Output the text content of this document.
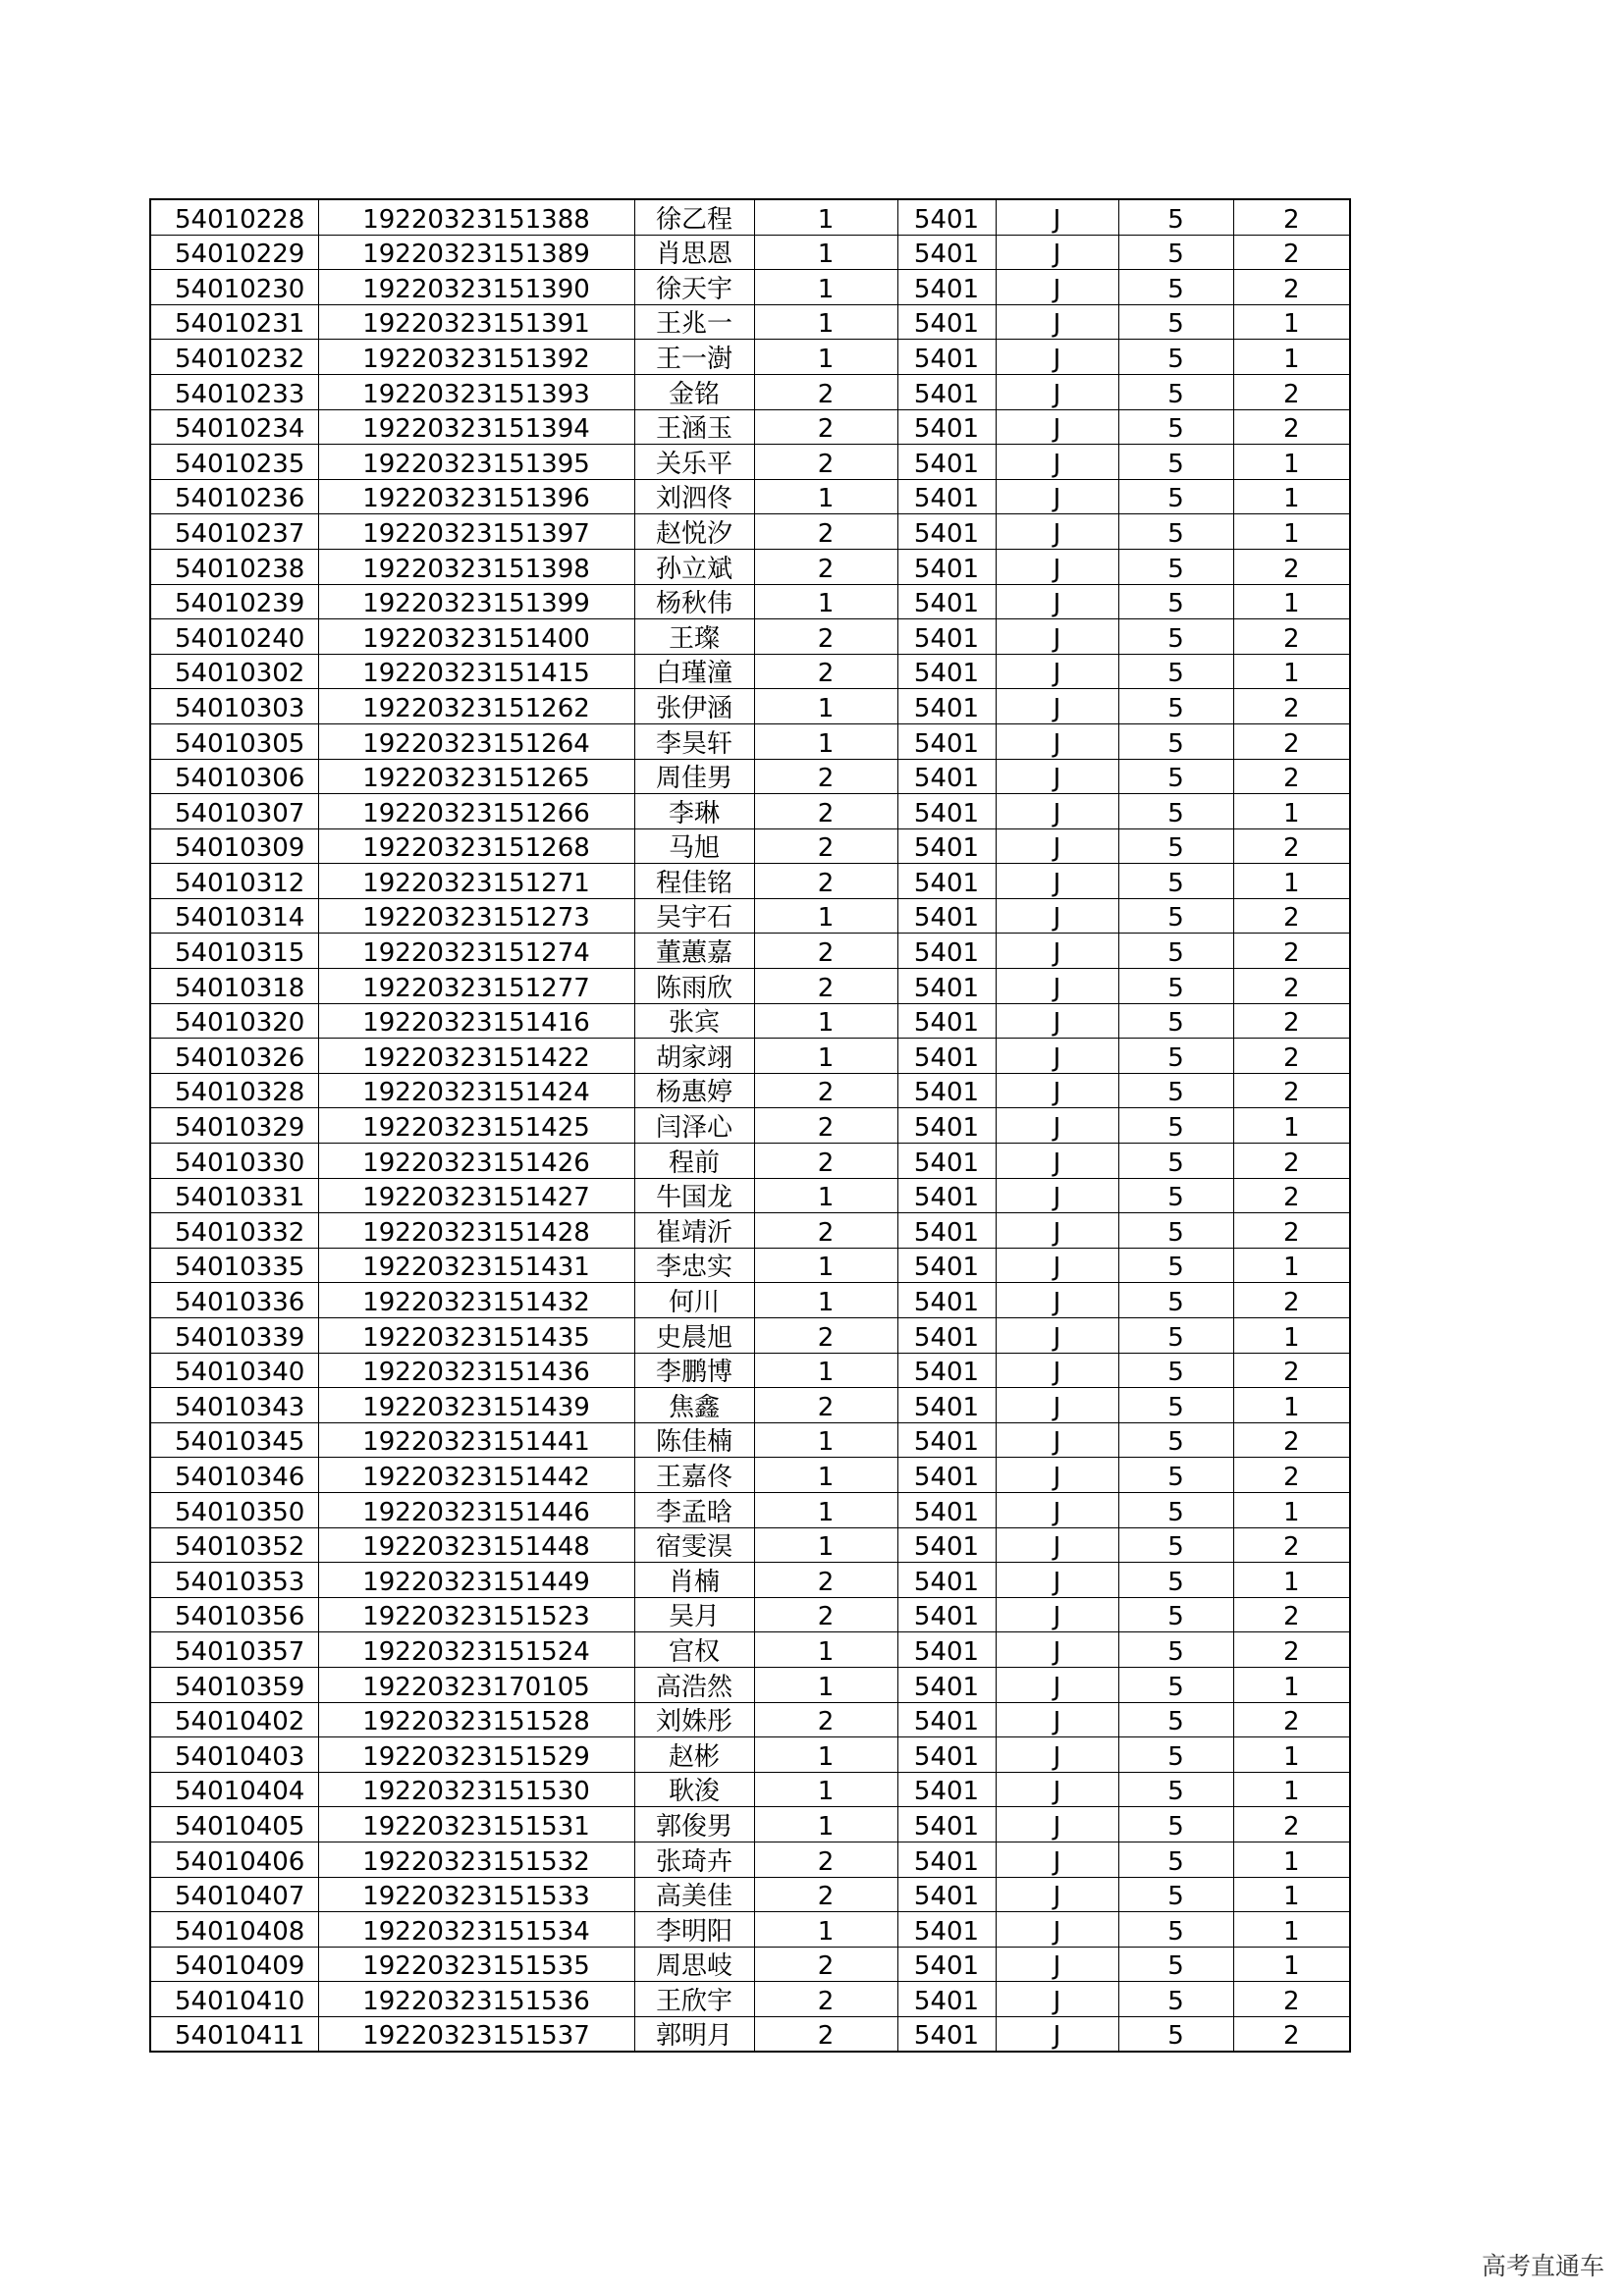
54010228	19220323151388	徐乙程	1	5401	J	5	2
54010229	19220323151389	肖思恩	1	5401	J	5	2
54010230	19220323151390	徐天宇	1	5401	J	5	2
54010231	19220323151391	王兆一	1	5401	J	5	1
54010232	19220323151392	王一澍	1	5401	J	5	1
54010233	19220323151393	金铭	2	5401	J	5	2
54010234	19220323151394	王涵玉	2	5401	J	5	2
54010235	19220323151395	关乐平	2	5401	J	5	1
54010236	19220323151396	刘泗佟	1	5401	J	5	1
54010237	19220323151397	赵悦汐	2	5401	J	5	1
54010238	19220323151398	孙立斌	2	5401	J	5	2
54010239	19220323151399	杨秋伟	1	5401	J	5	1
54010240	19220323151400	王璨	2	5401	J	5	2
54010302	19220323151415	白瑾潼	2	5401	J	5	1
54010303	19220323151262	张伊涵	1	5401	J	5	2
54010305	19220323151264	李昊轩	1	5401	J	5	2
54010306	19220323151265	周佳男	2	5401	J	5	2
54010307	19220323151266	李琳	2	5401	J	5	1
54010309	19220323151268	马旭	2	5401	J	5	2
54010312	19220323151271	程佳铭	2	5401	J	5	1
54010314	19220323151273	吴宇石	1	5401	J	5	2
54010315	19220323151274	董蕙嘉	2	5401	J	5	2
54010318	19220323151277	陈雨欣	2	5401	J	5	2
54010320	19220323151416	张宾	1	5401	J	5	2
54010326	19220323151422	胡家翊	1	5401	J	5	2
54010328	19220323151424	杨惠婷	2	5401	J	5	2
54010329	19220323151425	闫泽心	2	5401	J	5	1
54010330	19220323151426	程前	2	5401	J	5	2
54010331	19220323151427	牛国龙	1	5401	J	5	2
54010332	19220323151428	崔靖沂	2	5401	J	5	2
54010335	19220323151431	李忠实	1	5401	J	5	1
54010336	19220323151432	何川	1	5401	J	5	2
54010339	19220323151435	史晨旭	2	5401	J	5	1
54010340	19220323151436	李鹏博	1	5401	J	5	2
54010343	19220323151439	焦鑫	2	5401	J	5	1
54010345	19220323151441	陈佳楠	1	5401	J	5	2
54010346	19220323151442	王嘉佟	1	5401	J	5	2
54010350	19220323151446	李孟晗	1	5401	J	5	1
54010352	19220323151448	宿雯淏	1	5401	J	5	2
54010353	19220323151449	肖楠	2	5401	J	5	1
54010356	19220323151523	吴月	2	5401	J	5	2
54010357	19220323151524	宫权	1	5401	J	5	2
54010359	19220323170105	高浩然	1	5401	J	5	1
54010402	19220323151528	刘姝彤	2	5401	J	5	2
54010403	19220323151529	赵彬	1	5401	J	5	1
54010404	19220323151530	耿浚	1	5401	J	5	1
54010405	19220323151531	郭俊男	1	5401	J	5	2
54010406	19220323151532	张琦卉	2	5401	J	5	1
54010407	19220323151533	高美佳	2	5401	J	5	1
54010408	19220323151534	李明阳	1	5401	J	5	1
54010409	19220323151535	周思岐	2	5401	J	5	1
54010410	19220323151536	王欣宇	2	5401	J	5	2
54010411	19220323151537	郭明月	2	5401	J	5	2
高考直通车
